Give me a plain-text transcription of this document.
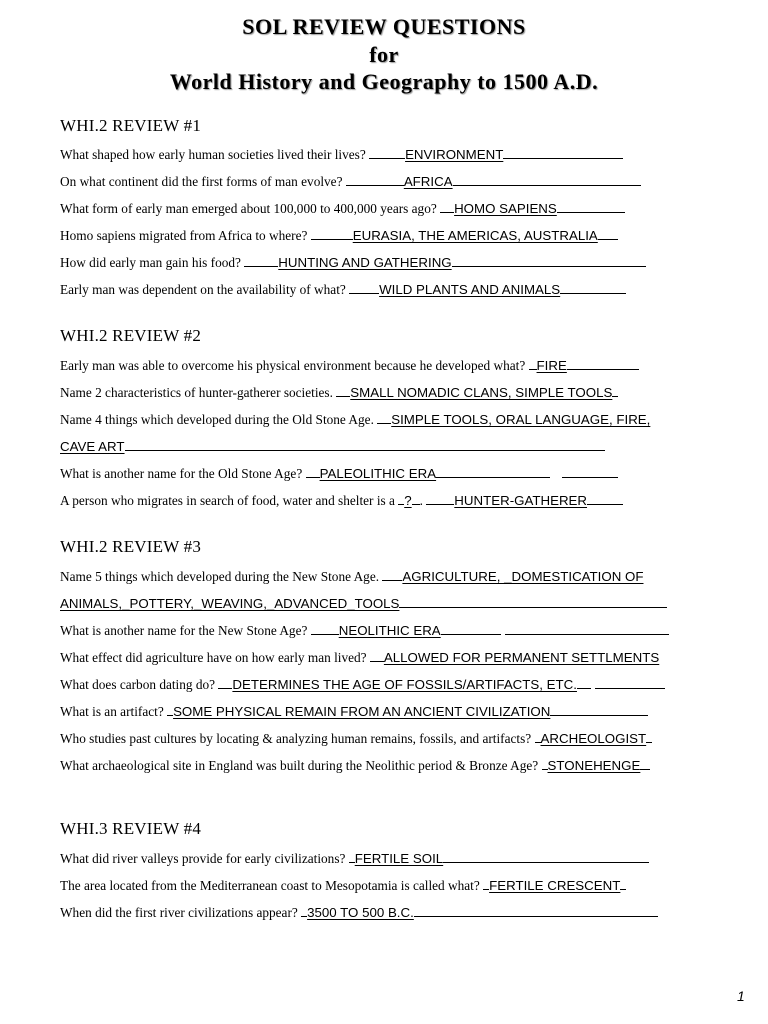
SOL REVIEW QUESTIONS
for
World History and Geography to 1500 A.D.
WHI.2 REVIEW #1
What shaped how early human societies lived their lives?	ENVIRONMENT
On what continent did the first forms of man evolve?	AFRICA
What form of early man emerged about 100,000 to 400,000 years ago? HOMO SAPIENS
Homo sapiens migrated from Africa to where?	EURASIA, THE AMERICAS, AUSTRALIA
How did early man gain his food?	HUNTING AND GATHERING
Early man was dependent on the availability of what? WILD PLANTS AND ANIMALS
WHI.2 REVIEW #2
Early man was able to overcome his physical environment because he developed what? FIRE
Name 2 characteristics of hunter-gatherer societies. SMALL NOMADIC CLANS, SIMPLE TOOLS
Name 4 things which developed during the Old Stone Age. SIMPLE TOOLS, ORAL LANGUAGE, FIRE,
CAVE ART
What is another name for the Old Stone Age? PALEOLITHIC ERA
A person who migrates in search of food, water and shelter is a ? . HUNTER-GATHERER
WHI.2 REVIEW #3
Name 5 things which developed during the New Stone Age. AGRICULTURE, _DOMESTICATION OF
ANIMALS,_POTTERY,_WEAVING,_ADVANCED_TOOLS
What is another name for the New Stone Age? NEOLITHIC ERA
What effect did agriculture have on how early man lived? ALLOWED FOR PERMANENT SETTLMENTS
What does carbon dating do? DETERMINES THE AGE OF FOSSILS/ARTIFACTS, ETC.
What is an artifact? SOME PHYSICAL REMAIN FROM AN ANCIENT CIVILIZATION
Who studies past cultures by locating & analyzing human remains, fossils, and artifacts? ARCHEOLOGIST
What archaeological site in England was built during the Neolithic period & Bronze Age? STONEHENGE
WHI.3 REVIEW #4
What did river valleys provide for early civilizations? FERTILE SOIL
The area located from the Mediterranean coast to Mesopotamia is called what? FERTILE CRESCENT
When did the first river civilizations appear? 3500 TO 500 B.C.
1
